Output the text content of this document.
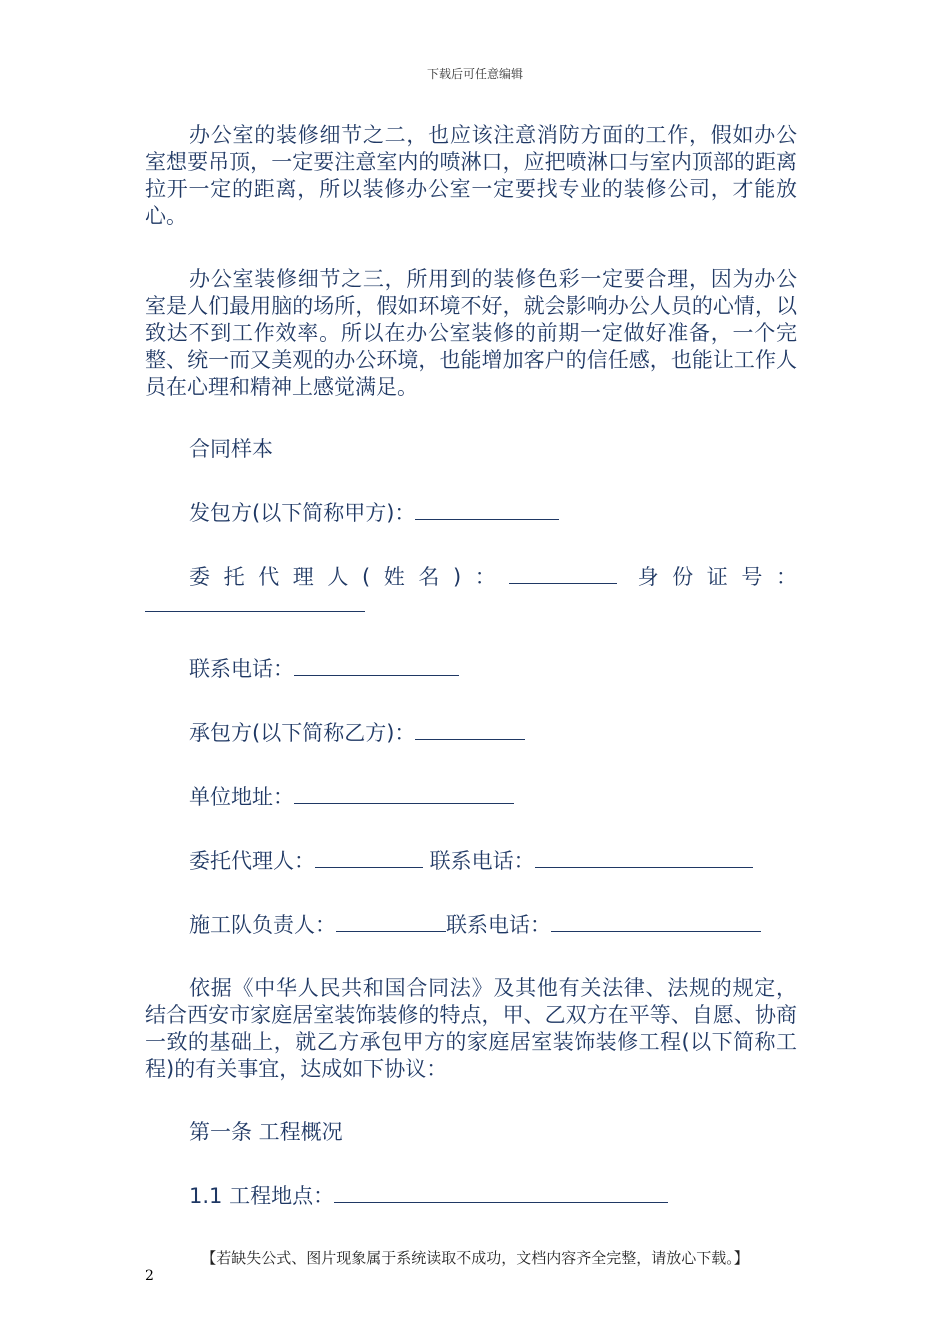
下载后可任意编辑

办公室的装修细节之二，也应该注意消防方面的工作，假如办公室想要吊顶，一定要注意室内的喷淋口，应把喷淋口与室内顶部的距离拉开一定的距离，所以装修办公室一定要找专业的装修公司，才能放心。

办公室装修细节之三，所用到的装修色彩一定要合理，因为办公室是人们最用脑的场所，假如环境不好，就会影响办公人员的心情，以致达不到工作效率。所以在办公室装修的前期一定做好准备，一个完整、统一而又美观的办公环境，也能增加客户的信任感，也能让工作人员在心理和精神上感觉满足。

合同样本

发包方(以下简称甲方)：

委托代理人(姓名)：	身份证号：

联系电话：

承包方(以下简称乙方)：

单位地址：

委托代理人：	联系电话：

施工队负责人：	联系电话：

依据《中华人民共和国合同法》及其他有关法律、法规的规定，结合西安市家庭居室装饰装修的特点，甲、乙双方在平等、自愿、协商一致的基础上，就乙方承包甲方的家庭居室装饰装修工程(以下简称工程)的有关事宜，达成如下协议：

第一条 工程概况

1.1 工程地点：

【若缺失公式、图片现象属于系统读取不成功，文档内容齐全完整，请放心下载。】
2
